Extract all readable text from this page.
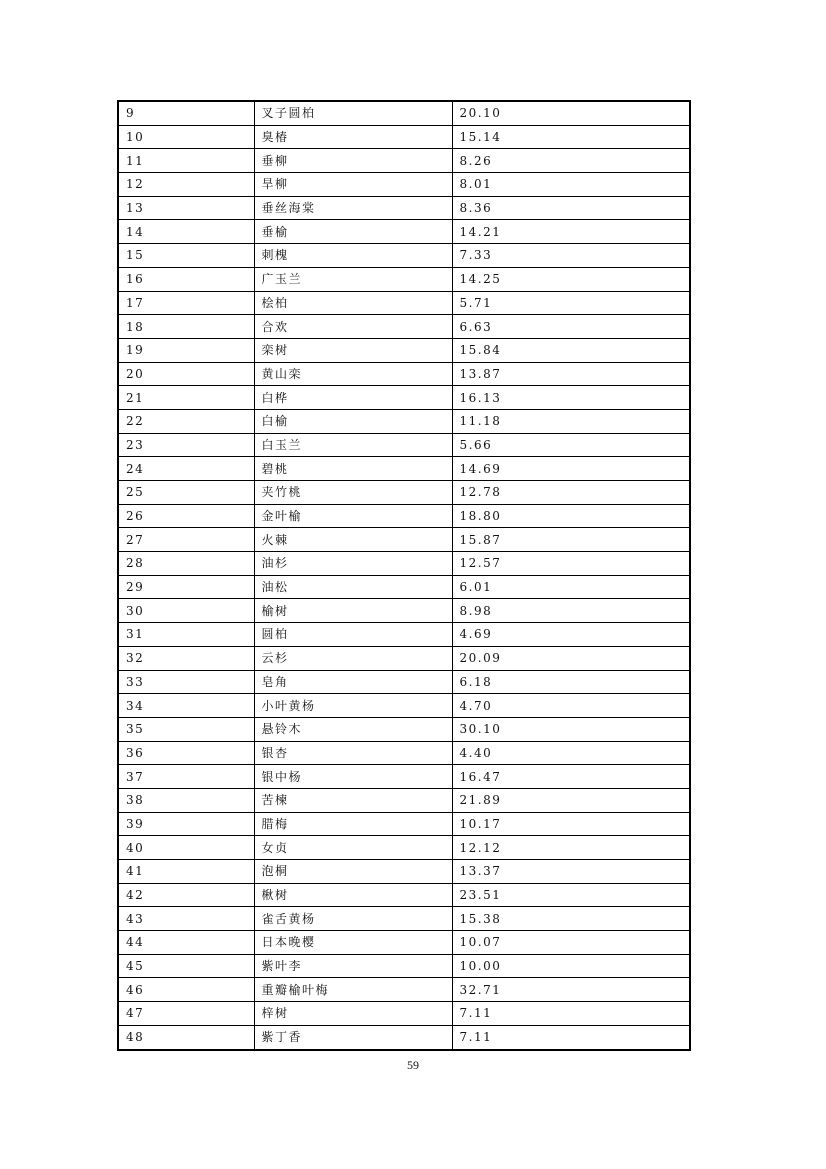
9	叉子圆柏	20.10
10	臭椿	15.14
11	垂柳	8.26
12	旱柳	8.01
13	垂丝海棠	8.36
14	垂榆	14.21
15	刺槐	7.33
16	广玉兰	14.25
17	桧柏	5.71
18	合欢	6.63
19	栾树	15.84
20	黄山栾	13.87
21	白桦	16.13
22	白榆	11.18
23	白玉兰	5.66
24	碧桃	14.69
25	夹竹桃	12.78
26	金叶榆	18.80
27	火棘	15.87
28	油杉	12.57
29	油松	6.01
30	榆树	8.98
31	圆柏	4.69
32	云杉	20.09
33	皂角	6.18
34	小叶黄杨	4.70
35	悬铃木	30.10
36	银杏	4.40
37	银中杨	16.47
38	苦楝	21.89
39	腊梅	10.17
40	女贞	12.12
41	泡桐	13.37
42	楸树	23.51
43	雀舌黄杨	15.38
44	日本晚樱	10.07
45	紫叶李	10.00
46	重瓣榆叶梅	32.71
47	梓树	7.11
48	紫丁香	7.11
59
